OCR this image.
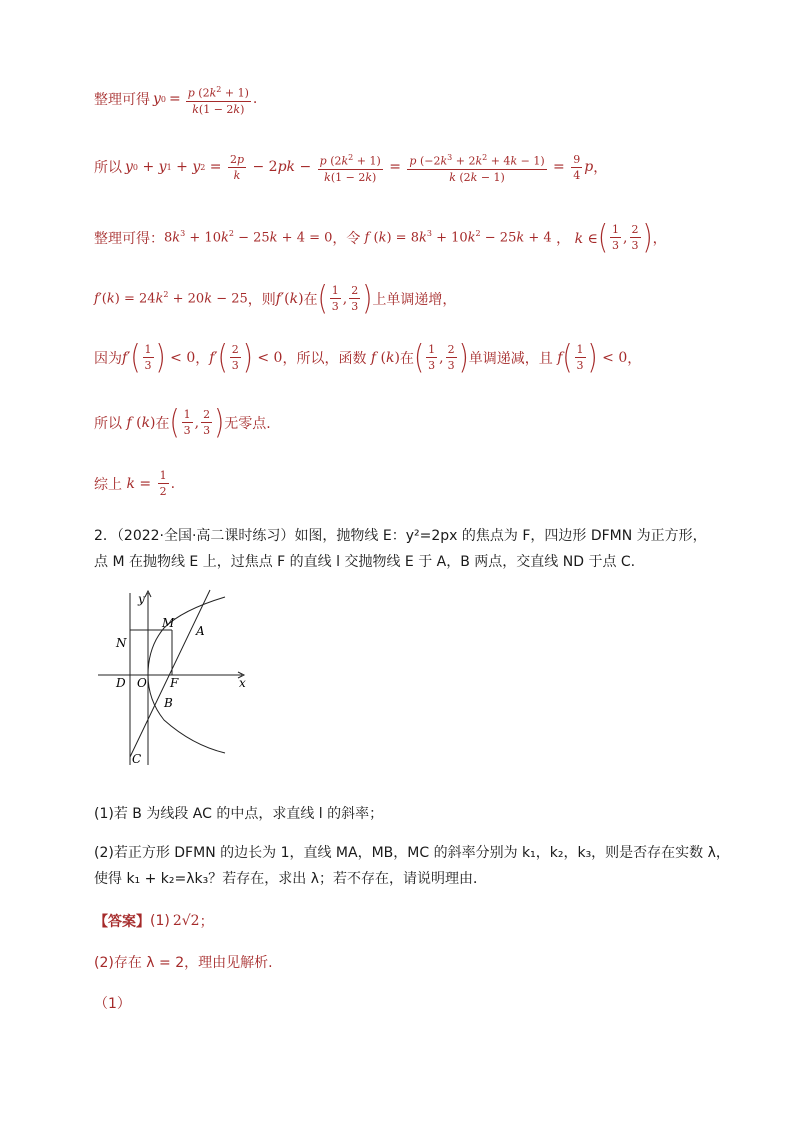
整理可得 y $0 = \frac{p (2k^2 + 1)}{k(1 - 2k)}$ .
所以 y 0 + y 1 + y $2 = \frac{2p}{k} - 2pk - \frac{p (2k^2 + 1)}{k(1 - 2k)} = \frac{p (-2k^3 + 2k^2 + 4k - 1)}{k (2k - 1)} = \frac{9}{4}$ p ，
整理可得： $8k^3 + 10k^2 - 25k + 4 = 0$ ，令 f $(k) = 8k^3 + 10k^2 - 25k + 4$ ， k ∈ ( $\frac{1}{3}$ , $\frac{2}{3}$ ) ，
$f'(k) = 24k^2 + 20k - 25$ ，则 f′(k) 在 ( $\frac{1}{3}$ , $\frac{2}{3}$ ) 上单调递增，
因为 f′ ( $\frac{1}{3}$ ) < 0 ， f′ ( $\frac{2}{3}$ ) < 0 ，所以，函数 f (k) 在 ( $\frac{1}{3}$ , $\frac{2}{3}$ ) 单调递减，且 f ( $\frac{1}{3}$ ) < 0 ，
所以 f (k) 在 ( $\frac{1}{3}$ , $\frac{2}{3}$ ) 无零点.
综上 $k = \frac{1}{2}$ .
2．（2022·全国·高二课时练习） 如图，抛物线 E：y²=2px 的焦点为 F，四边形 DFMN 为正方形，
点 M 在抛物线 E 上，过焦点 F 的直线 l 交抛物线 E 于 A，B 两点，交直线 ND 于点 C.
y
x
M
A
N
D O F
B
C
(1)若 B 为线段 AC 的中点，求直线 l 的斜率；
(2)若正方形 DFMN 的边长为 1，直线 MA，MB，MC 的斜率分别为 k₁，k₂，k₃，则是否存在实数 λ，
使得 k₁ + k₂=λk₃？若存在，求出 λ；若不存在，请说明理由．
【答案】 (1) 2√2 ；
(2)存在 λ = 2，理由见解析.
（1）
